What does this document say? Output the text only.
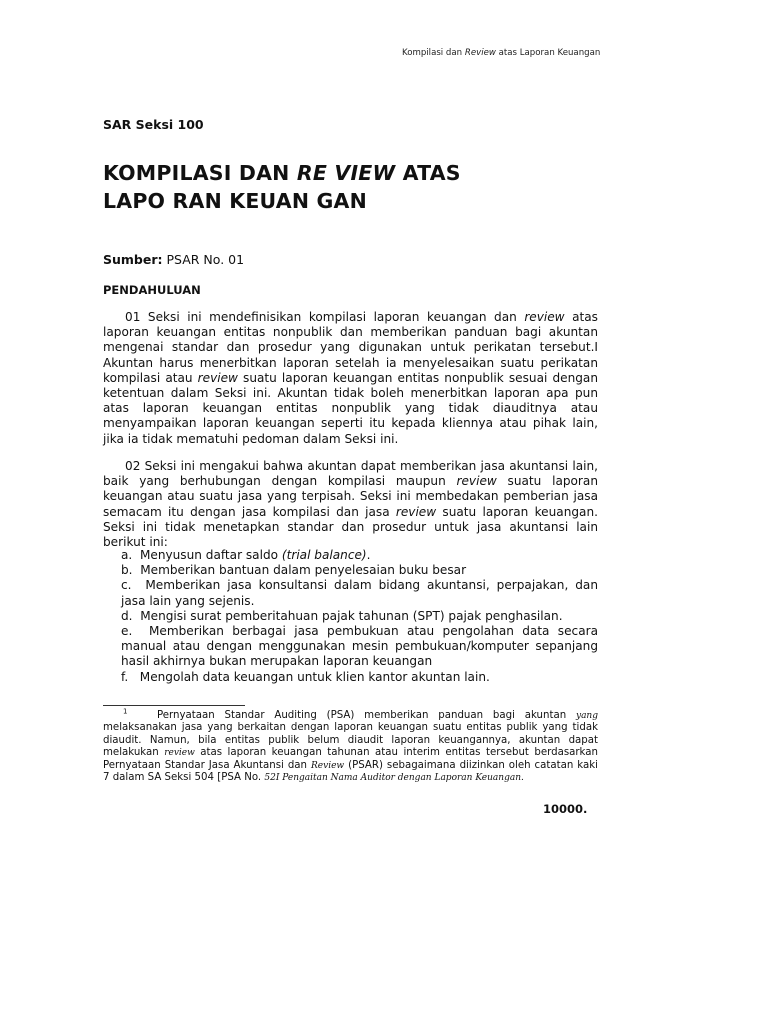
Kompilasi dan Review atas Laporan Keuangan
SAR Seksi 100
KOMPILASI DAN RE VIEW ATAS
LAPO RAN KEUAN GAN
Sumber: PSAR No. 01
PENDAHULUAN
01 Seksi ini mendefinisikan kompilasi laporan keuangan dan review atas laporan keuangan entitas nonpublik dan memberikan panduan bagi akuntan mengenai standar dan prosedur yang digunakan untuk perikatan tersebut.I Akuntan harus menerbitkan laporan setelah ia menyelesaikan suatu perikatan kompilasi atau review suatu laporan keuangan entitas nonpublik sesuai dengan ketentuan dalam Seksi ini. Akuntan tidak boleh menerbitkan laporan apa pun atas laporan keuangan entitas nonpublik yang tidak diauditnya atau menyampaikan laporan keuangan seperti itu kepada kliennya atau pihak lain, jika ia tidak mematuhi pedoman dalam Seksi ini.
02 Seksi ini mengakui bahwa akuntan dapat memberikan jasa akuntansi lain, baik yang berhubungan dengan kompilasi maupun review suatu laporan keuangan atau suatu jasa yang terpisah. Seksi ini membedakan pemberian jasa semacam itu dengan jasa kompilasi dan jasa review suatu laporan keuangan. Seksi ini tidak menetapkan standar dan prosedur untuk jasa akuntansi lain berikut ini:
a.  Menyusun daftar saldo (trial balance).
b.  Memberikan bantuan dalam penyelesaian buku besar
c.  Memberikan jasa konsultansi dalam bidang akuntansi, perpajakan, dan jasa lain yang sejenis.
d.  Mengisi surat pemberitahuan pajak tahunan (SPT) pajak penghasilan.
e.  Memberikan berbagai jasa pembukuan atau pengolahan data secara manual atau dengan menggunakan mesin pembukuan/komputer sepanjang hasil akhirnya bukan merupakan laporan keuangan
f.   Mengolah data keuangan untuk klien kantor akuntan lain.
$^1$	Pernyataan Standar Auditing (PSA) memberikan panduan bagi akuntan yang melaksanakan jasa yang berkaitan dengan laporan keuangan suatu entitas publik yang tidak diaudit. Namun, bila entitas publik belum diaudit laporan keuangannya, akuntan dapat melakukan review atas laporan keuangan tahunan atau interim entitas tersebut berdasarkan Pernyataan Standar Jasa Akuntansi dan Review (PSAR) sebagaimana diizinkan oleh catatan kaki 7 dalam SA Seksi 504 [PSA No. 52I Pengaitan Nama Auditor dengan Laporan Keuangan.
10000.
